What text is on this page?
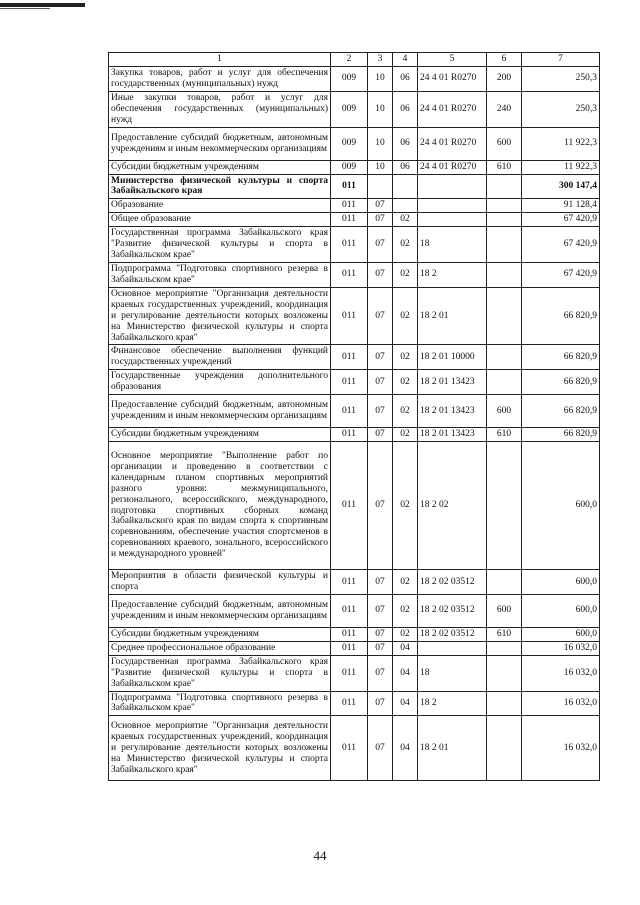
1	2	3	4	5	6	7
Закупка товаров, работ и услуг для обеспечения государственных (муниципальных) нужд	009	10	06	24 4 01 R0270	200	250,3
Иные закупки товаров, работ и услуг для обеспечения государственных (муниципальных) нужд	009	10	06	24 4 01 R0270	240	250,3
Предоставление субсидий бюджетным, автономным учреждениям и иным некоммерческим организациям	009	10	06	24 4 01 R0270	600	11 922,3
Субсидии бюджетным учреждениям	009	10	06	24 4 01 R0270	610	11 922,3
Министерство физической культуры и спорта Забайкальского края	011					300 147,4
Образование	011	07				91 128,4
Общее образование	011	07	02			67 420,9
Государственная программа Забайкальского края "Развитие физической культуры и спорта в Забайкальском крае"	011	07	02	18		67 420,9
Подпрограмма "Подготовка спортивного резерва в Забайкальском крае"	011	07	02	18 2		67 420,9
Основное мероприятие "Организация деятельности краевых государственных учреждений, координация и регулирование деятельности которых возложены на Министерство физической культуры и спорта Забайкальского края"	011	07	02	18 2 01		66 820,9
Финансовое обеспечение выполнения функций государственных учреждений	011	07	02	18 2 01 10000		66 820,9
Государственные учреждения дополнительного образования	011	07	02	18 2 01 13423		66 820,9
Предоставление субсидий бюджетным, автономным учреждениям и иным некоммерческим организациям	011	07	02	18 2 01 13423	600	66 820,9
Субсидии бюджетным учреждениям	011	07	02	18 2 01 13423	610	66 820,9
Основное мероприятие "Выполнение работ по организации и проведению в соответствии с календарным планом спортивных мероприятий разного уровня: межмуниципального, регионального, всероссийского, международного, подготовка спортивных сборных команд Забайкальского края по видам спорта к спортивным соревнованиям, обеспечение участия спортсменов в соревнованиях краевого, зонального, всероссийского и международного уровней"	011	07	02	18 2 02		600,0
Мероприятия в области физической культуры и спорта	011	07	02	18 2 02 03512		600,0
Предоставление субсидий бюджетным, автономным учреждениям и иным некоммерческим организациям	011	07	02	18 2 02 03512	600	600,0
Субсидии бюджетным учреждениям	011	07	02	18 2 02 03512	610	600,0
Среднее профессиональное образование	011	07	04			16 032,0
Государственная программа Забайкальского края "Развитие физической культуры и спорта в Забайкальском крае"	011	07	04	18		16 032,0
Подпрограмма "Подготовка спортивного резерва в Забайкальском крае"	011	07	04	18 2		16 032,0
Основное мероприятие "Организация деятельности краевых государственных учреждений, координация и регулирование деятельности которых возложены на Министерство физической культуры и спорта Забайкальского края"	011	07	04	18 2 01		16 032,0
44
